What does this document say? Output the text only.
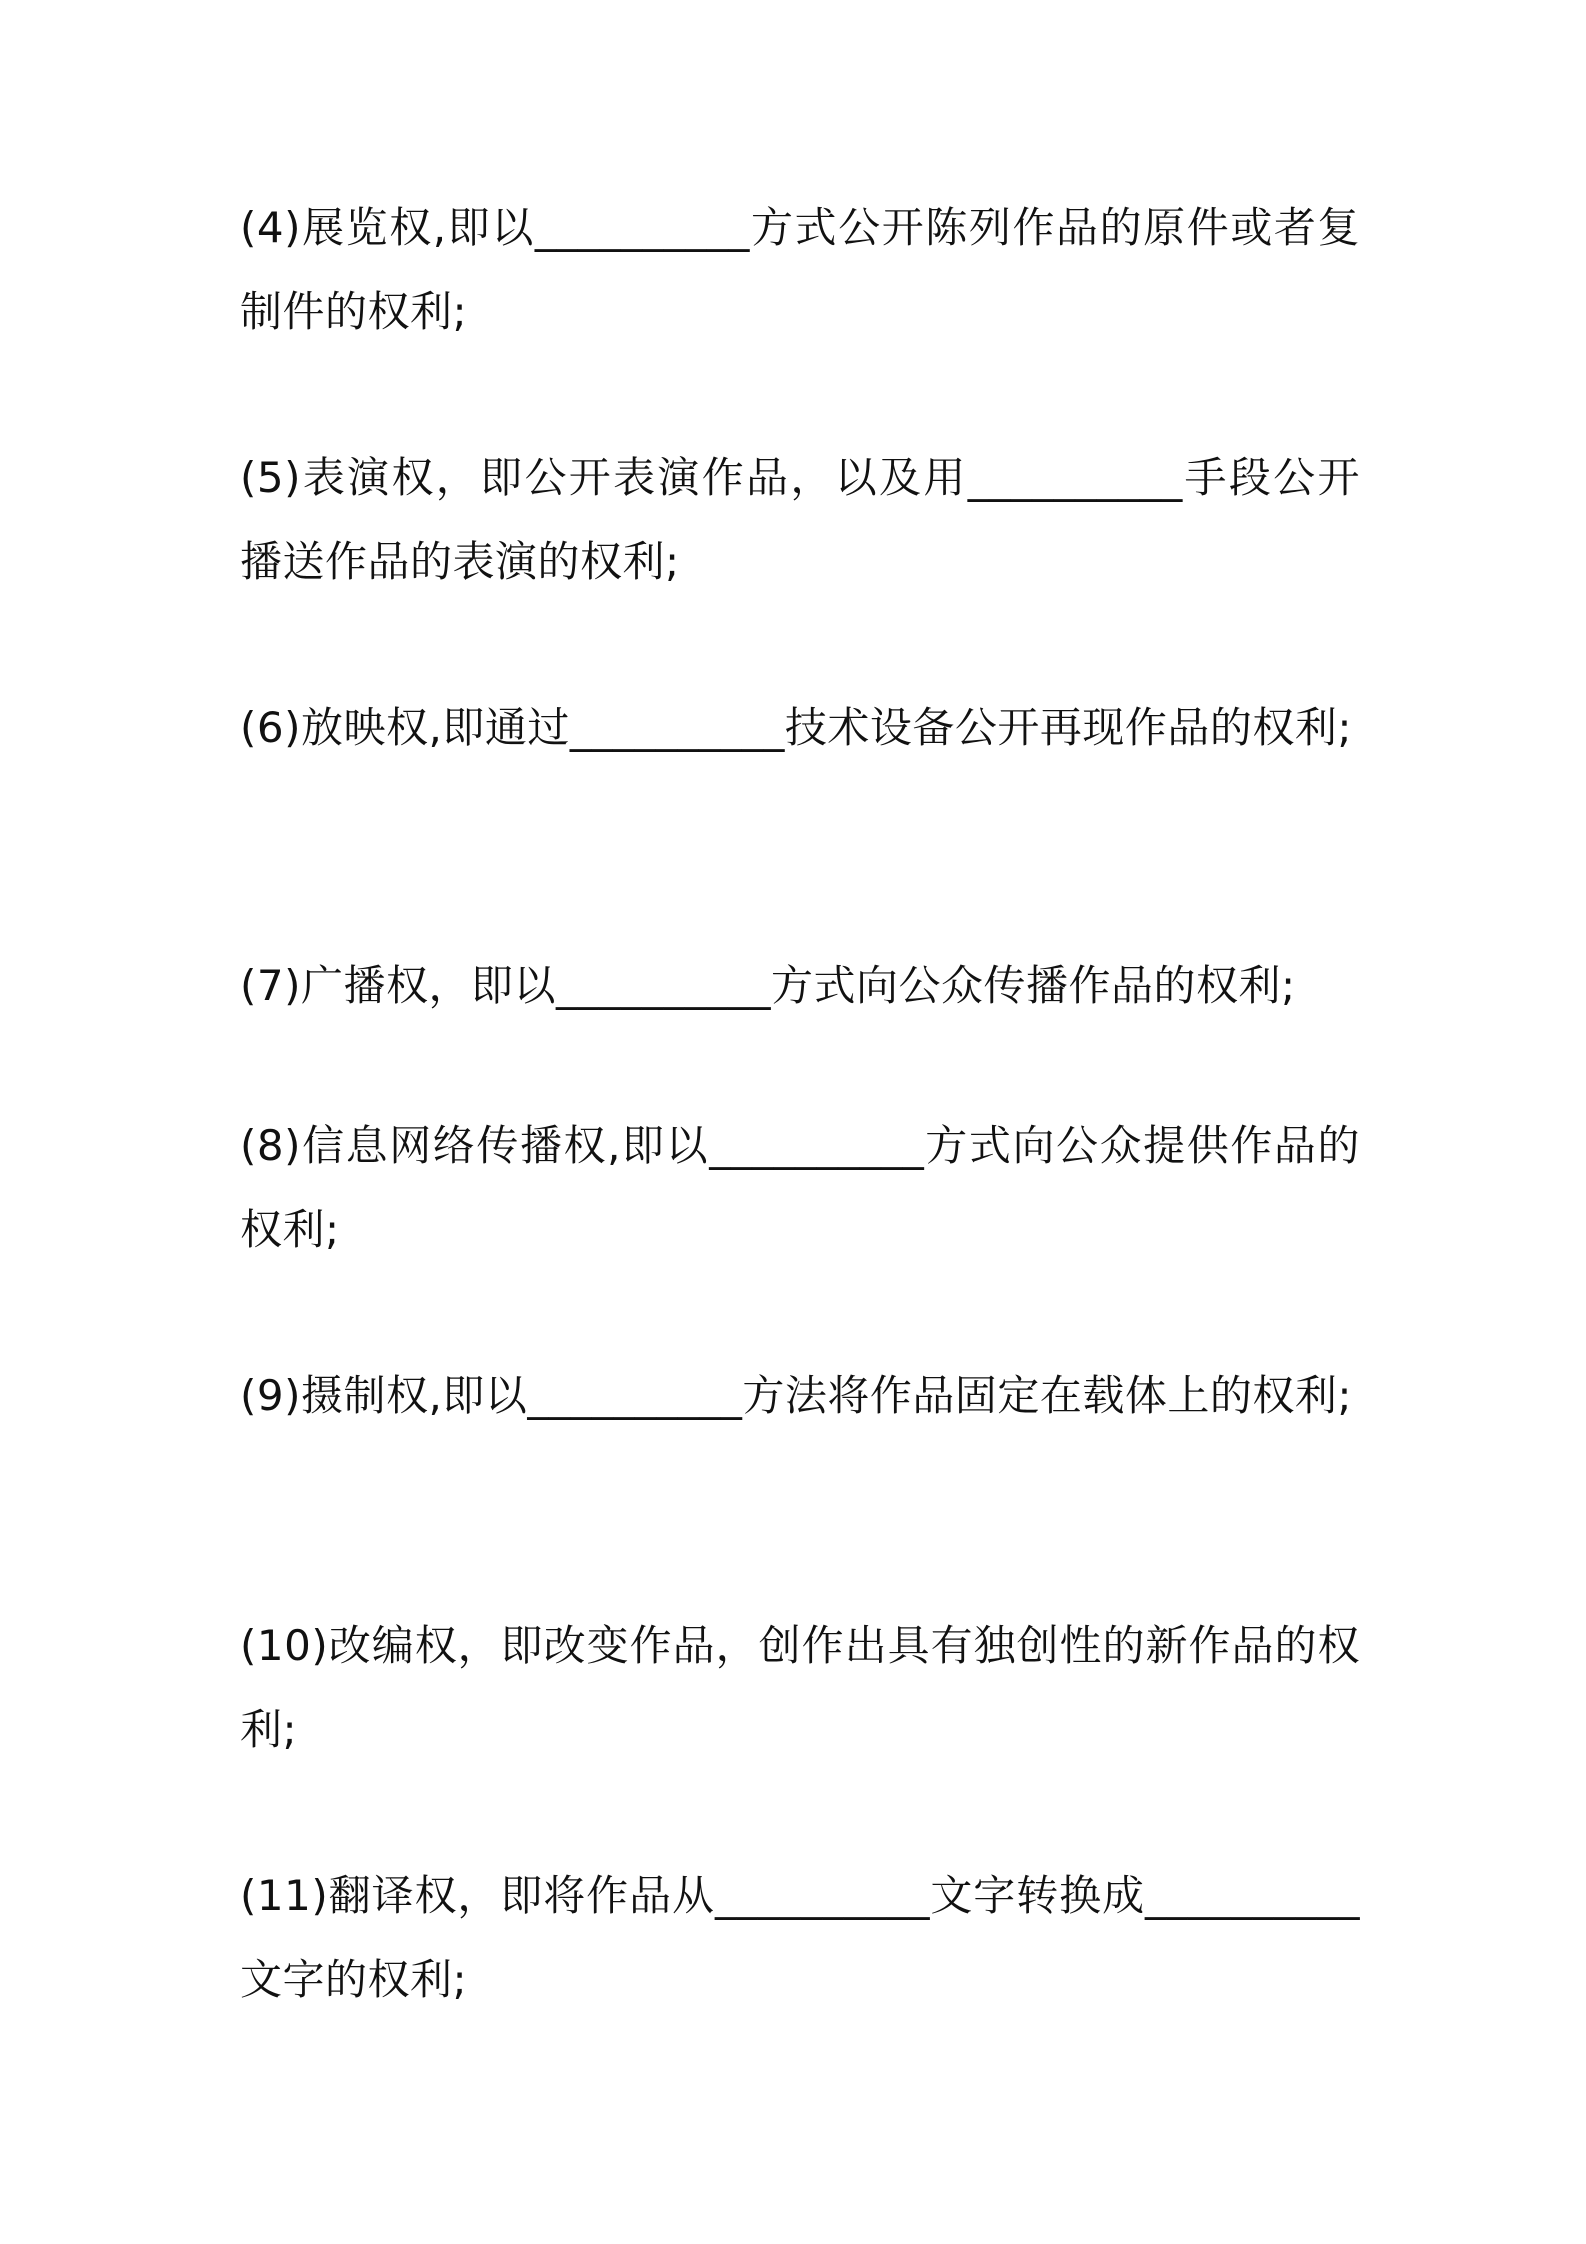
(4)展览权,即以__________方式公开陈列作品的原件或者复制件的权利;

(5)表演权，即公开表演作品，以及用__________手段公开播送作品的表演的权利;

(6)放映权,即通过__________技术设备公开再现作品的权利;

(7)广播权，即以__________方式向公众传播作品的权利;

(8)信息网络传播权,即以__________方式向公众提供作品的权利;

(9)摄制权,即以__________方法将作品固定在载体上的权利;

(10)改编权，即改变作品，创作出具有独创性的新作品的权利;

(11)翻译权，即将作品从__________文字转换成__________文字的权利;
